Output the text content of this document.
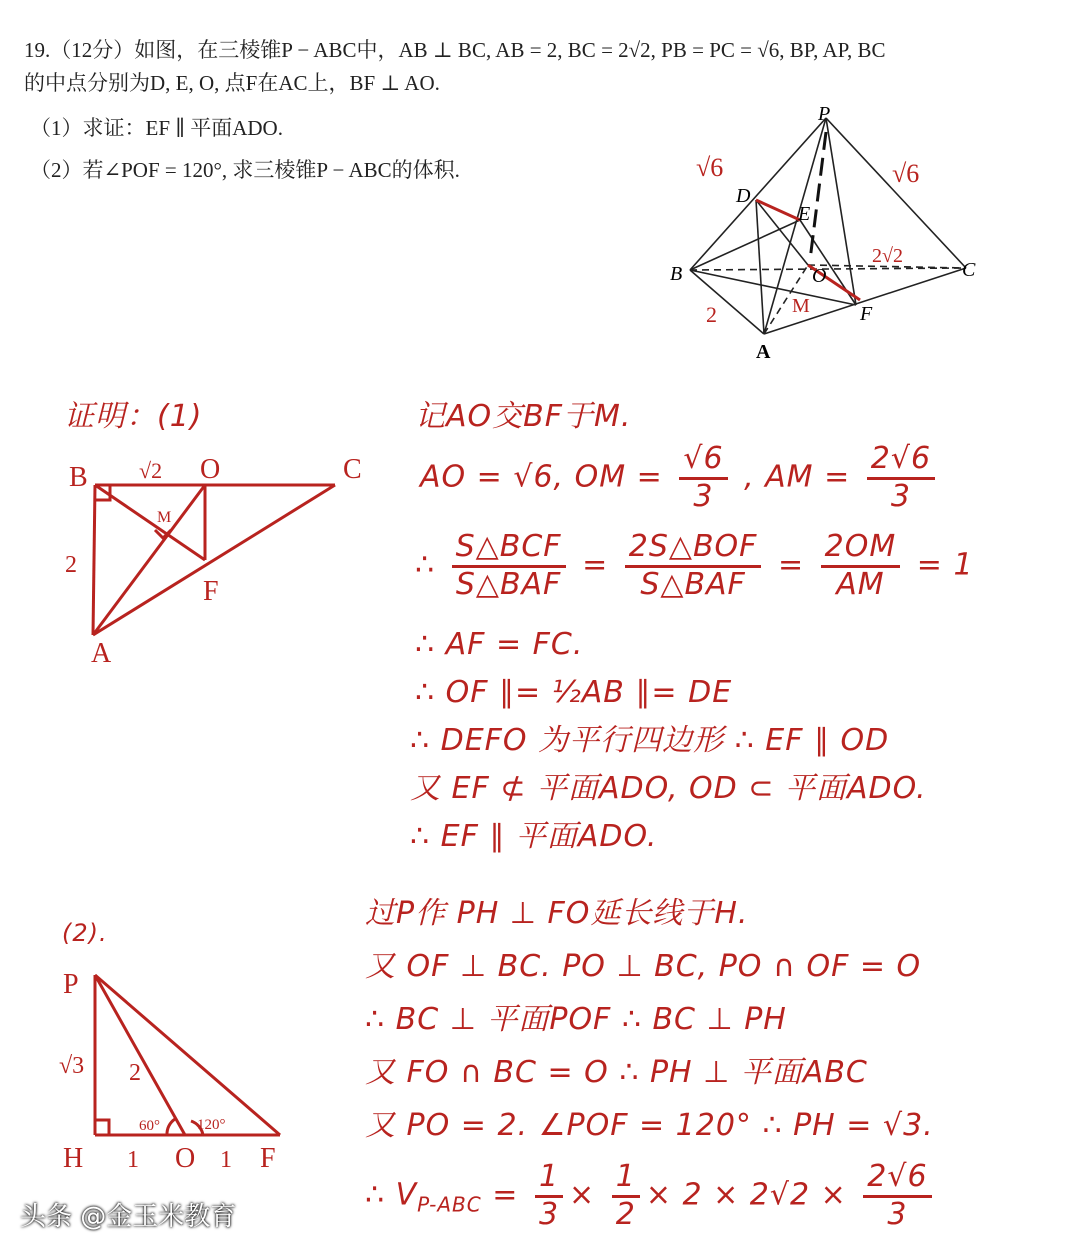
19.（12分）如图，在三棱锥P − ABC中，AB ⊥ BC, AB = 2, BC = 2√2, PB = PC = √6, BP, AP, BC
的中点分别为D, E, O, 点F在AC上，BF ⊥ AO.
（1）求证：EF ∥ 平面ADO.
（2）若∠POF = 120°, 求三棱锥P − ABC的体积.
P
D
E
B	O	C
F
A
M
√6	√6
2√2
2
证明：(1)
B	O	C
A
F
M
√2
2
记AO交BF于M.
AO = √6, OM = $\frac{√6}{3}$ , AM = $\frac{2√6}{3}$
∴ $\frac{\text{S△BCF}}{\text{S△BAF}} = \frac{\text{2S△BOF}}{\text{S△BAF}} = \frac{2OM}{AM} = 1$
∴ AF = FC.
∴ OF ∥= ½AB ∥= DE
∴ DEFO 为平行四边形 ∴ EF ∥ OD
又 EF ⊄ 平面ADO, OD ⊂ 平面ADO.
∴ EF ∥ 平面ADO.
(2).
P
H	O F
√3 2
1	1
60° 120°
过P作 PH ⊥ FO延长线于H.
又 OF ⊥ BC. PO ⊥ BC, PO ∩ OF = O
∴ BC ⊥ 平面POF ∴ BC ⊥ PH
又 FO ∩ BC = O ∴ PH ⊥ 平面ABC
又 PO = 2. ∠POF = 120° ∴ PH = √3.
∴ $V_{P-ABC} = \frac{1}{3} \times \frac{1}{2} \times 2 \times 2√2 \times \frac{2√6}{3}$
头条 @金玉米教育
